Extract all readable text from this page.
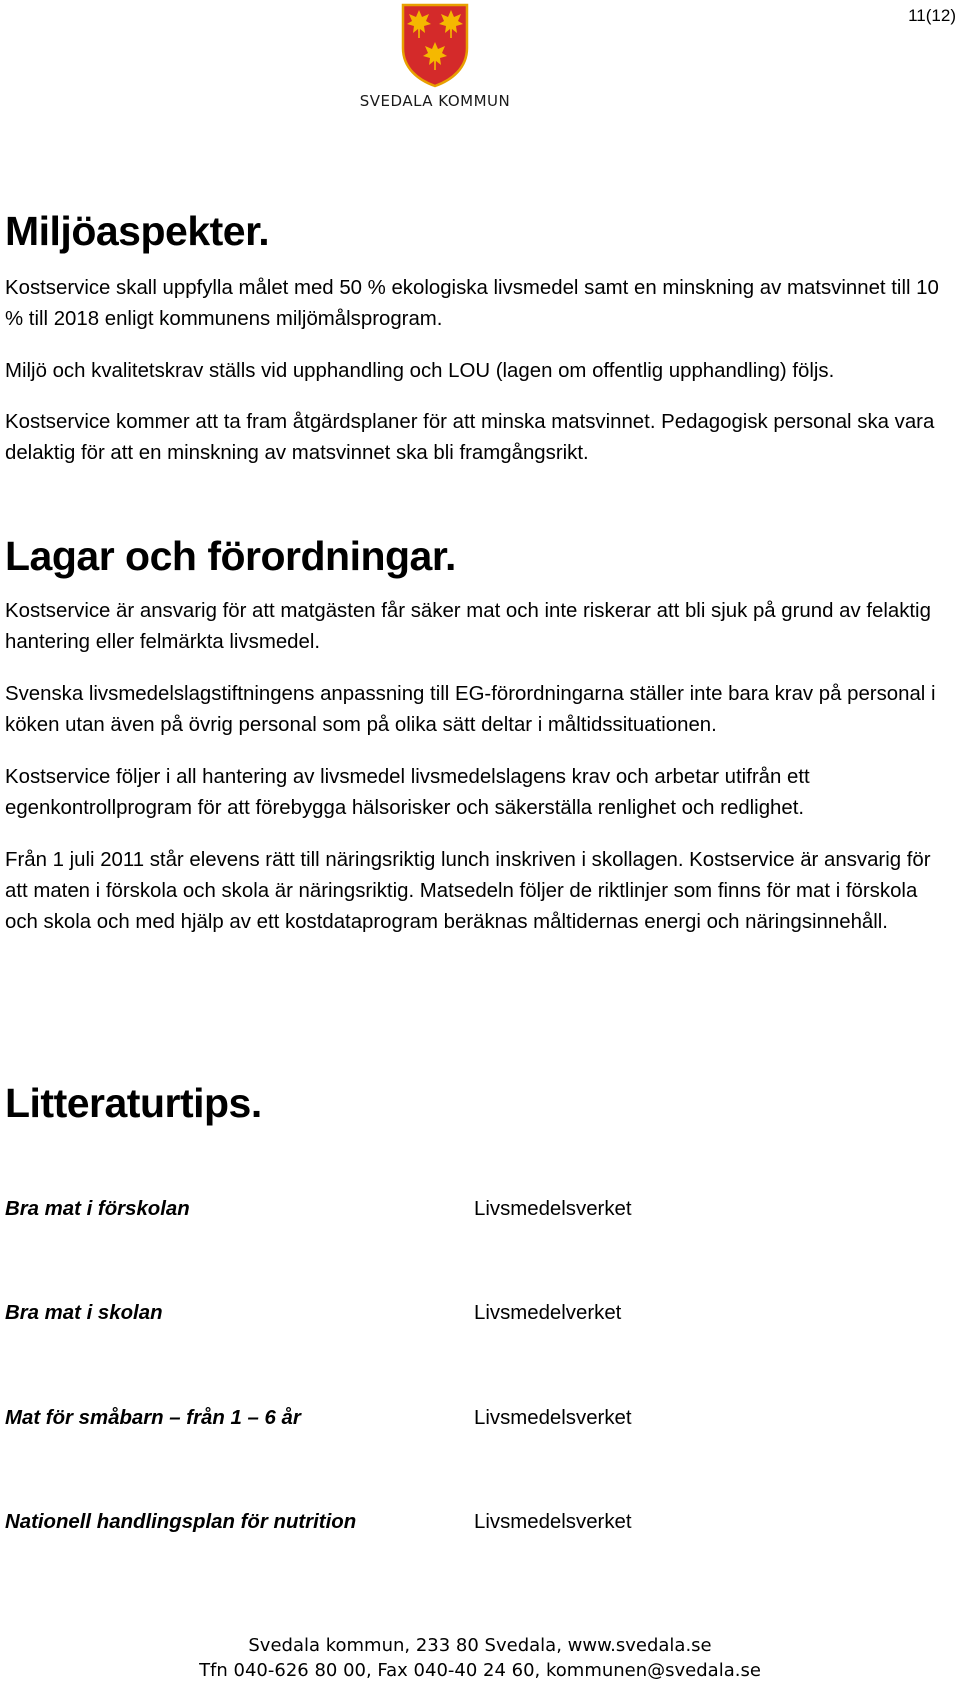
11(12)
SVEDALA KOMMUN
Miljöaspekter.

Kostservice skall uppfylla målet med 50 % ekologiska livsmedel samt en minskning av matsvinnet till 10 % till 2018 enligt kommunens miljömålsprogram.

Miljö och kvalitetskrav ställs vid upphandling och LOU (lagen om offentlig upphandling) följs.

Kostservice kommer att ta fram åtgärdsplaner för att minska matsvinnet. Pedagogisk personal ska vara delaktig för att en minskning av matsvinnet ska bli framgångsrikt.

Lagar och förordningar.

Kostservice är ansvarig för att matgästen får säker mat och inte riskerar att bli sjuk på grund av felaktig hantering eller felmärkta livsmedel.

Svenska livsmedelslagstiftningens anpassning till EG-förordningarna ställer inte bara krav på personal i köken utan även på övrig personal som på olika sätt deltar i måltidssituationen.

Kostservice följer i all hantering av livsmedel livsmedelslagens krav och arbetar utifrån ett egenkontrollprogram för att förebygga hälsorisker och säkerställa renlighet och redlighet.

Från 1 juli 2011 står elevens rätt till näringsriktig lunch inskriven i skollagen. Kostservice är ansvarig för att maten i förskola och skola är näringsriktig. Matsedeln följer de riktlinjer som finns för mat i förskola och skola och med hjälp av ett kostdataprogram beräknas måltidernas energi och näringsinnehåll.

Litteraturtips.
Bra mat i förskolan	Livsmedelsverket
Bra mat i skolan	Livsmedelverket
Mat för småbarn – från 1 – 6 år	Livsmedelsverket
Nationell handlingsplan för nutrition	Livsmedelsverket
Svedala kommun, 233 80 Svedala, www.svedala.se
Tfn 040-626 80 00, Fax 040-40 24 60, kommunen@svedala.se
